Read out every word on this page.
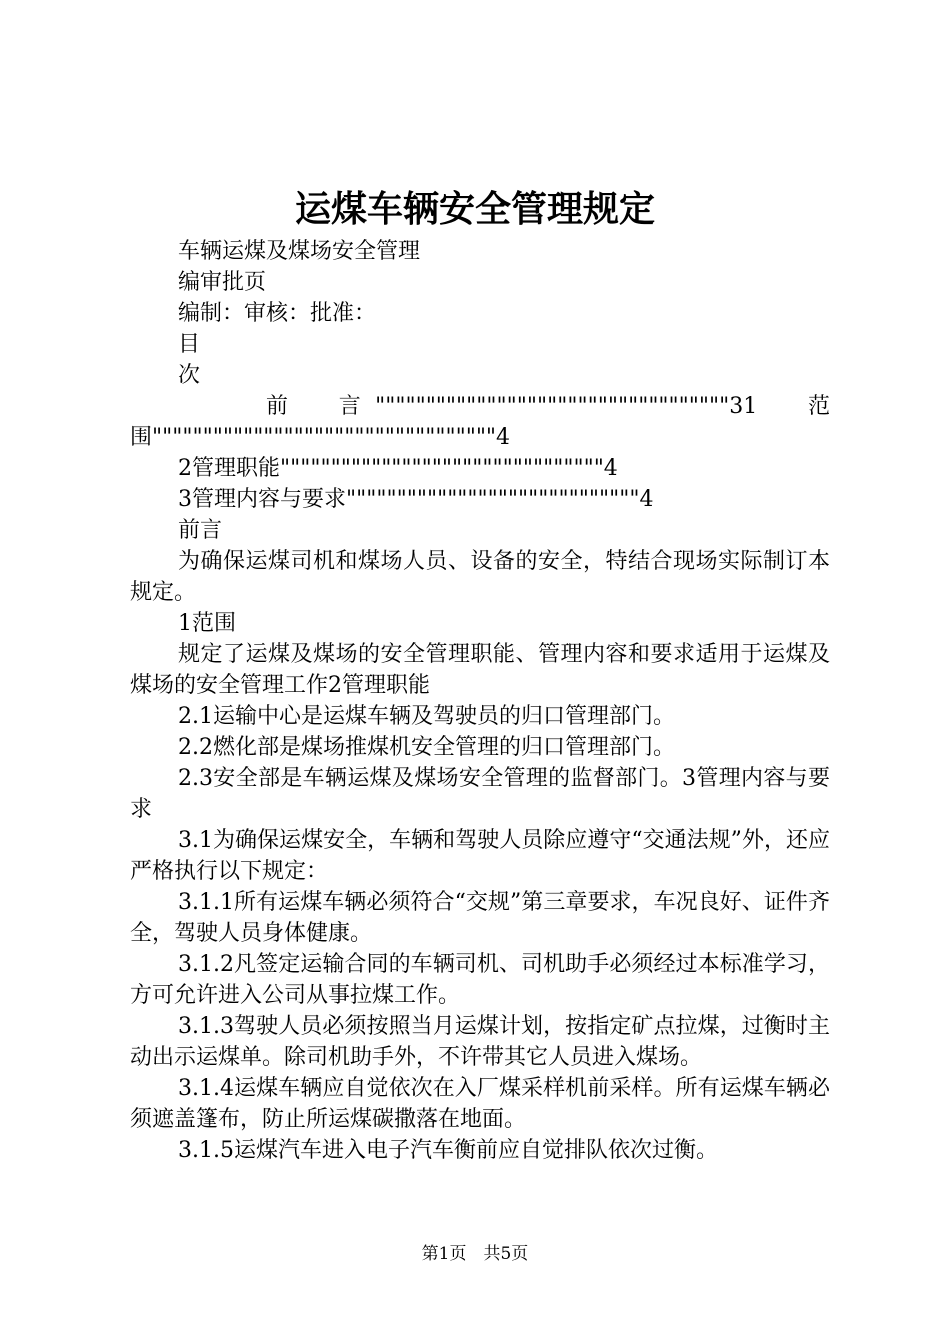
运煤车辆安全管理规定

车辆运煤及煤场安全管理

编审批页

编制：审核：批准：

目

次

前　言"""""""""""""""""""""""""""""""""""31　范围""""""""""""""""""""""""""""""""""4

2管理职能""""""""""""""""""""""""""""""""4

3管理内容与要求"""""""""""""""""""""""""""""4

前言

为确保运煤司机和煤场人员、设备的安全，特结合现场实际制订本规定。

1范围

规定了运煤及煤场的安全管理职能、管理内容和要求适用于运煤及煤场的安全管理工作2管理职能

2.1运输中心是运煤车辆及驾驶员的归口管理部门。

2.2燃化部是煤场推煤机安全管理的归口管理部门。

2.3安全部是车辆运煤及煤场安全管理的监督部门。3管理内容与要求

3.1为确保运煤安全，车辆和驾驶人员除应遵守“交通法规”外，还应严格执行以下规定：

3.1.1所有运煤车辆必须符合“交规”第三章要求，车况良好、证件齐全，驾驶人员身体健康。

3.1.2凡签定运输合同的车辆司机、司机助手必须经过本标准学习，方可允许进入公司从事拉煤工作。

3.1.3驾驶人员必须按照当月运煤计划，按指定矿点拉煤，过衡时主动出示运煤单。除司机助手外，不许带其它人员进入煤场。

3.1.4运煤车辆应自觉依次在入厂煤采样机前采样。所有运煤车辆必须遮盖篷布，防止所运煤碳撒落在地面。

3.1.5运煤汽车进入电子汽车衡前应自觉排队依次过衡。

第1页　共5页
